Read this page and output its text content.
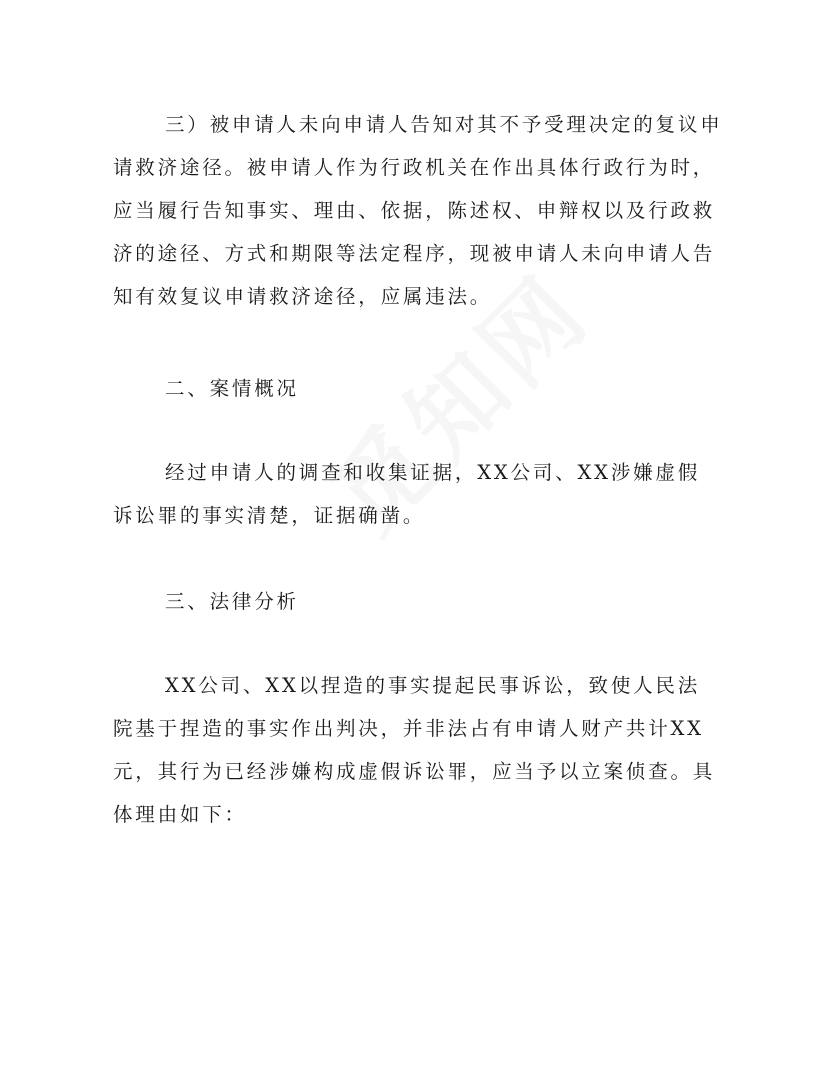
三）被申请人未向申请人告知对其不予受理决定的复议申
请救济途径。被申请人作为行政机关在作出具体行政行为时，
应当履行告知事实、理由、依据，陈述权、申辩权以及行政救
济的途径、方式和期限等法定程序，现被申请人未向申请人告
知有效复议申请救济途径，应属违法。
二、案情概况
经过申请人的调查和收集证据，XX公司、XX涉嫌虚假
诉讼罪的事实清楚，证据确凿。
三、法律分析
XX公司、XX以捏造的事实提起民事诉讼，致使人民法
院基于捏造的事实作出判决，并非法占有申请人财产共计XX
元，其行为已经涉嫌构成虚假诉讼罪，应当予以立案侦查。具
体理由如下：
